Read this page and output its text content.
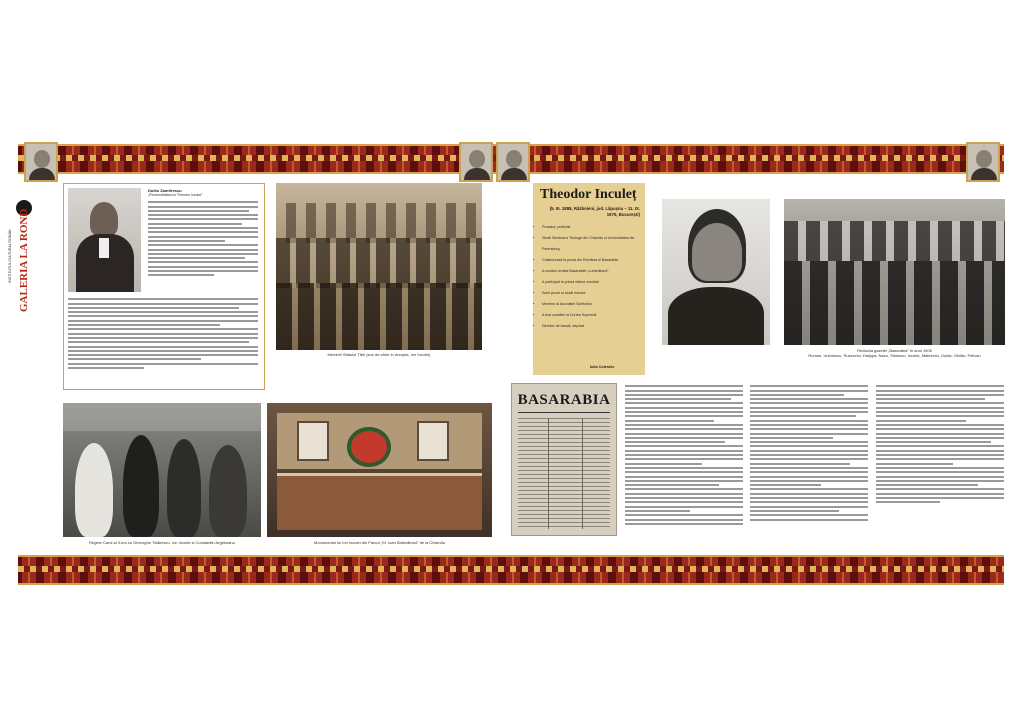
GALERIA LA ROND
INSTITUTUL CULTURAL ROMÂN
Duiliu Zamfirescu
„Personalitatea lui Theodor Inculeț”
Membrii Sfatului Țării (sus de către în dreapta, Ion Inculeț)
Regele Carol al II-lea cu Gheorghe Tătărescu, Ion Inculeț și Constantin Argetoianu	Monumentul lui Ion Inculeț din Parcul „Sf. Ioan Botezătorul” de la Chișinău
Theodor Inculeț
(5. III. 1888, Războieni, jud. Lăpușna – 11. IX. 1975, București)
• Prozator, publicist
• Studii Seminarul Teologic din Chișinău și Universitatea din Petersburg
• Colaborează la presa din România și Basarabia
• A condus revista Basarabiei „Luminătorul”
• A participat la primul război mondial
• Scrie proze și studii istorice
• Membru al Asociației Scriitorilor
• A fost consilier la Curtea Supremă
• Director de bancă, deputat
Iulia Colesnic
Redacția gazetei „Basarabia” în anul 1906
Ruman, Ursinescu, Russovici, Halippa, Nazu, Stinescu, Inculeț, Mateevici, Gulda, Vârlău, Pelivan
BASARABIA
